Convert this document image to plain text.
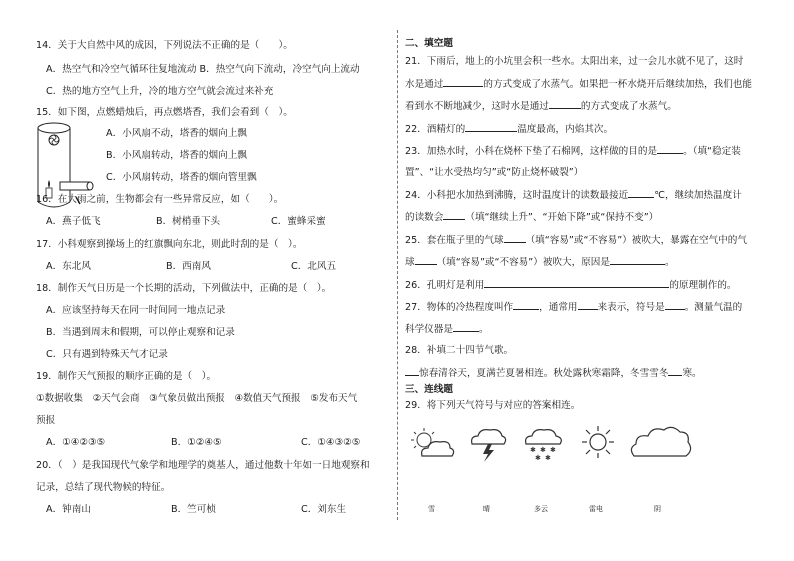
14．关于大自然中风的成因，下列说法不正确的是（　　）。
A．热空气和冷空气循环往复地流动 B．热空气向下流动，冷空气向上流动
C．热的地方空气上升，冷的地方空气就会流过来补充
15．如下图，点燃蜡烛后，再点燃塔香，我们会看到（　）。
A．小风扇不动，塔香的烟向上飘
B．小风扇转动，塔香的烟向上飘
C．小风扇转动，塔香的烟向管里飘
16．在大雨之前，生物都会有一些异常反应，如（　　）。
A．燕子低飞	B．树梢垂下头	C．蜜蜂采蜜
17．小科观察到操场上的红旗飘向东北，则此时刮的是（　）。
A．东北风	B．西南风	C．北风五
18．制作天气日历是一个长期的活动，下列做法中，正确的是（　）。
A．应该坚持每天在同一时间同一地点记录
B．当遇到周末和假期，可以停止观察和记录
C．只有遇到特殊天气才记录
19．制作天气预报的顺序正确的是（　）。
①数据收集　②天气会商　③气象员做出预报　④数值天气预报　⑤发布天气
预报
A．①④②③⑤	B．①②④⑤	C．①④③②⑤
20．（　）是我国现代气象学和地理学的奠基人，通过他数十年如一日地观察和
记录，总结了现代物候的特征。
A．钟南山	B．竺可桢	C．刘东生
二、填空题
21．下雨后，地上的小坑里会积一些水。太阳出来，过一会儿水就不见了，这时
水是通过	的方式变成了水蒸气。如果把一杯水烧开后继续加热，我们也能
看到水不断地减少，这时水是通过	的方式变成了水蒸气。
22．酒精灯的	温度最高，内焰其次。
23．加热水时，小科在烧杯下垫了石棉网，这样做的目的是	。（填“稳定装
置”、“让水受热均匀”或“防止烧杯破裂”）
24．小科把水加热到沸腾，这时温度计的读数最接近	℃，继续加热温度计
的读数会 （填“继续上升”、“开始下降”或“保持不变”）
25．套在瓶子里的气球 （填“容易”或“不容易”）被吹大，暴露在空气中的气
球 （填“容易”或“不容易”）被吹大，原因是	。
26．孔明灯是利用	的原理制作的。
27．物体的冷热程度叫作	，通常用 来表示，符号是 。测量气温的
科学仪器是	。
28．补填二十四节气歌。
惊春清谷天，夏满芒夏暑相连。秋处露秋寒霜降，冬雪雪冬 寒。
三、连线题
29．将下列天气符号与对应的答案相连。
✱ ✱ ✱
✱ ✱
雪	晴	多云	雷电	阴
